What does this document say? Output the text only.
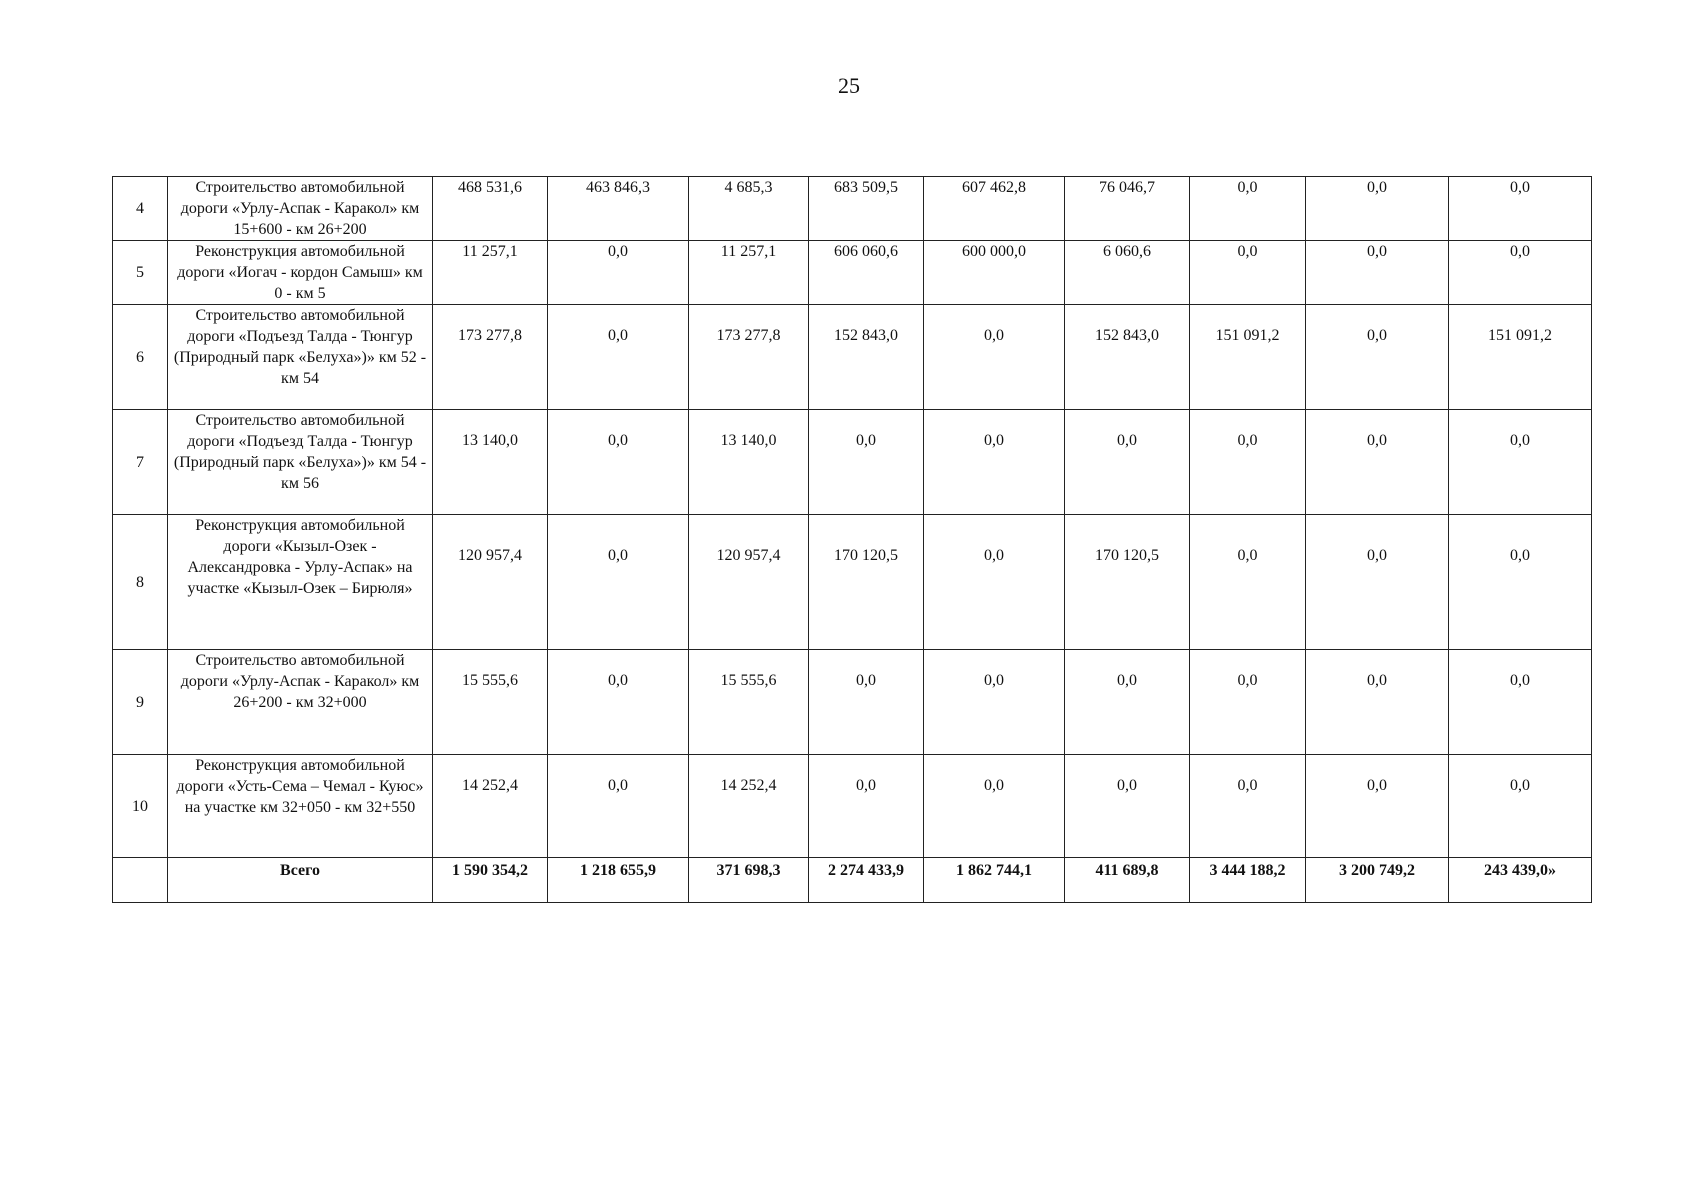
25
4	Строительство автомобильной дороги «Урлу-Аспак - Каракол» км 15+600 - км 26+200	468 531,6	463 846,3	4 685,3	683 509,5	607 462,8	76 046,7	0,0	0,0	0,0
5	Реконструкция автомобильной дороги «Иогач - кордон Самыш» км 0 - км 5	11 257,1	0,0	11 257,1	606 060,6	600 000,0	6 060,6	0,0	0,0	0,0
6	Строительство автомобильной дороги «Подъезд Талда - Тюнгур (Природный парк «Белуха»)» км 52 - км 54	173 277,8	0,0	173 277,8	152 843,0	0,0	152 843,0	151 091,2	0,0	151 091,2
7	Строительство автомобильной дороги «Подъезд Талда - Тюнгур (Природный парк «Белуха»)» км 54 - км 56	13 140,0	0,0	13 140,0	0,0	0,0	0,0	0,0	0,0	0,0
8	Реконструкция автомобильной дороги «Кызыл-Озек - Александровка - Урлу-Аспак» на участке «Кызыл-Озек – Бирюля»	120 957,4	0,0	120 957,4	170 120,5	0,0	170 120,5	0,0	0,0	0,0
9	Строительство автомобильной дороги «Урлу-Аспак - Каракол» км 26+200 - км 32+000	15 555,6	0,0	15 555,6	0,0	0,0	0,0	0,0	0,0	0,0
10	Реконструкция автомобильной дороги «Усть-Сема – Чемал - Куюс» на участке км 32+050 - км 32+550	14 252,4	0,0	14 252,4	0,0	0,0	0,0	0,0	0,0	0,0
	Всего	1 590 354,2	1 218 655,9	371 698,3	2 274 433,9	1 862 744,1	411 689,8	3 444 188,2	3 200 749,2	243 439,0»
